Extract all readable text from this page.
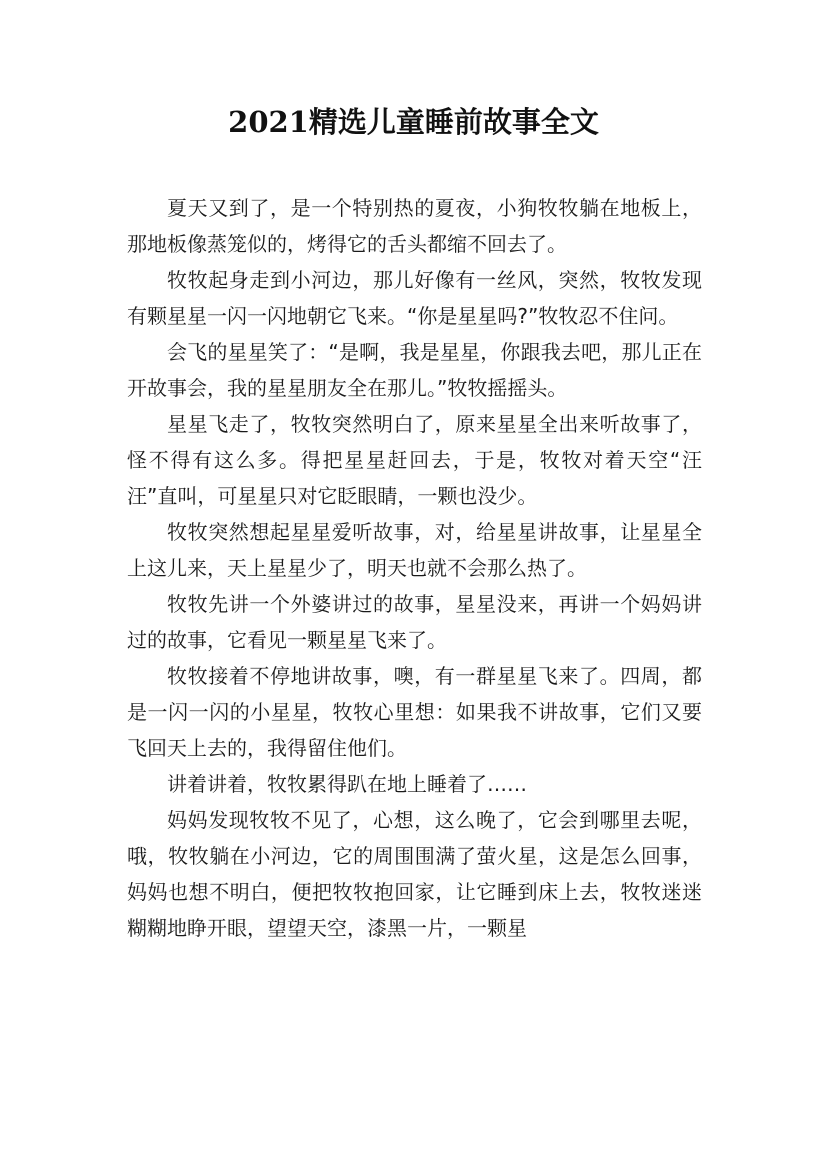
2021精选儿童睡前故事全文

夏天又到了，是一个特别热的夏夜，小狗牧牧躺在地板上，那地板像蒸笼似的，烤得它的舌头都缩不回去了。

牧牧起身走到小河边，那儿好像有一丝风，突然，牧牧发现有颗星星一闪一闪地朝它飞来。“你是星星吗?”牧牧忍不住问。

会飞的星星笑了：“是啊，我是星星，你跟我去吧，那儿正在开故事会，我的星星朋友全在那儿。”牧牧摇摇头。

星星飞走了，牧牧突然明白了，原来星星全出来听故事了，怪不得有这么多。得把星星赶回去，于是，牧牧对着天空“汪汪”直叫，可星星只对它眨眼睛，一颗也没少。

牧牧突然想起星星爱听故事，对，给星星讲故事，让星星全上这儿来，天上星星少了，明天也就不会那么热了。

牧牧先讲一个外婆讲过的故事，星星没来，再讲一个妈妈讲过的故事，它看见一颗星星飞来了。

牧牧接着不停地讲故事，噢，有一群星星飞来了。四周，都是一闪一闪的小星星，牧牧心里想：如果我不讲故事，它们又要飞回天上去的，我得留住他们。

讲着讲着，牧牧累得趴在地上睡着了……

妈妈发现牧牧不见了，心想，这么晚了，它会到哪里去呢，哦，牧牧躺在小河边，它的周围围满了萤火星，这是怎么回事，妈妈也想不明白，便把牧牧抱回家，让它睡到床上去，牧牧迷迷糊糊地睁开眼，望望天空，漆黑一片，一颗星
